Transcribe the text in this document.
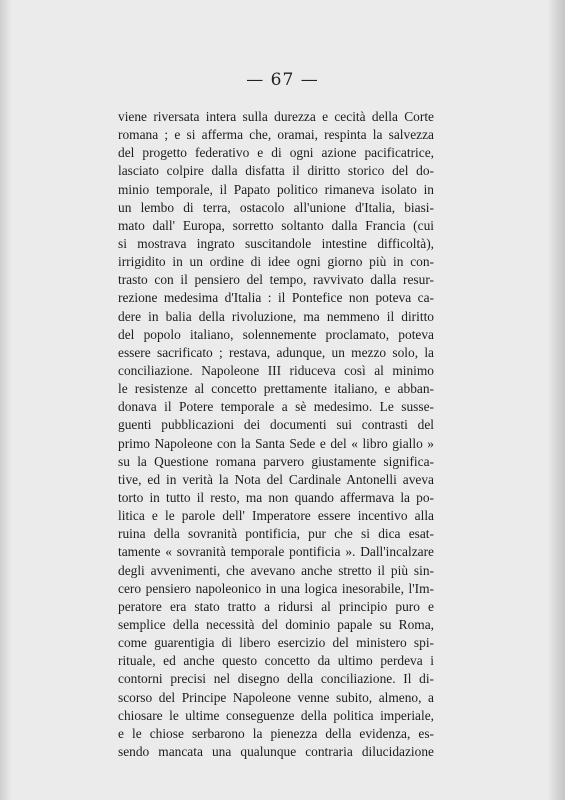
— 67 —
viene riversata intera sulla durezza e cecità della Corte
romana ; e si afferma che, oramai, respinta la salvezza
del progetto federativo e di ogni azione pacificatrice,
lasciato colpire dalla disfatta il diritto storico del do-
minio temporale, il Papato politico rimaneva isolato in
un lembo di terra, ostacolo all'unione d'Italia, biasi-
mato dall' Europa, sorretto soltanto dalla Francia (cui
si mostrava ingrato suscitandole intestine difficoltà),
irrigidito in un ordine di idee ogni giorno più in con-
trasto con il pensiero del tempo, ravvivato dalla resur-
rezione medesima d'Italia : il Pontefice non poteva ca-
dere in balia della rivoluzione, ma nemmeno il diritto
del popolo italiano, solennemente proclamato, poteva
essere sacrificato ; restava, adunque, un mezzo solo, la
conciliazione. Napoleone III riduceva così al minimo
le resistenze al concetto prettamente italiano, e abban-
donava il Potere temporale a sè medesimo. Le susse-
guenti pubblicazioni dei documenti sui contrasti del
primo Napoleone con la Santa Sede e del « libro giallo »
su la Questione romana parvero giustamente significa-
tive, ed in verità la Nota del Cardinale Antonelli aveva
torto in tutto il resto, ma non quando affermava la po-
litica e le parole dell' Imperatore essere incentivo alla
ruina della sovranità pontificia, pur che si dica esat-
tamente « sovranità temporale pontificia ». Dall'incalzare
degli avvenimenti, che avevano anche stretto il più sin-
cero pensiero napoleonico in una logica inesorabile, l'Im-
peratore era stato tratto a ridursi al principio puro e
semplice della necessità del dominio papale su Roma,
come guarentigia di libero esercizio del ministero spi-
rituale, ed anche questo concetto da ultimo perdeva i
contorni precisi nel disegno della conciliazione. Il di-
scorso del Principe Napoleone venne subito, almeno, a
chiosare le ultime conseguenze della politica imperiale,
e le chiose serbarono la pienezza della evidenza, es-
sendo mancata una qualunque contraria dilucidazione
